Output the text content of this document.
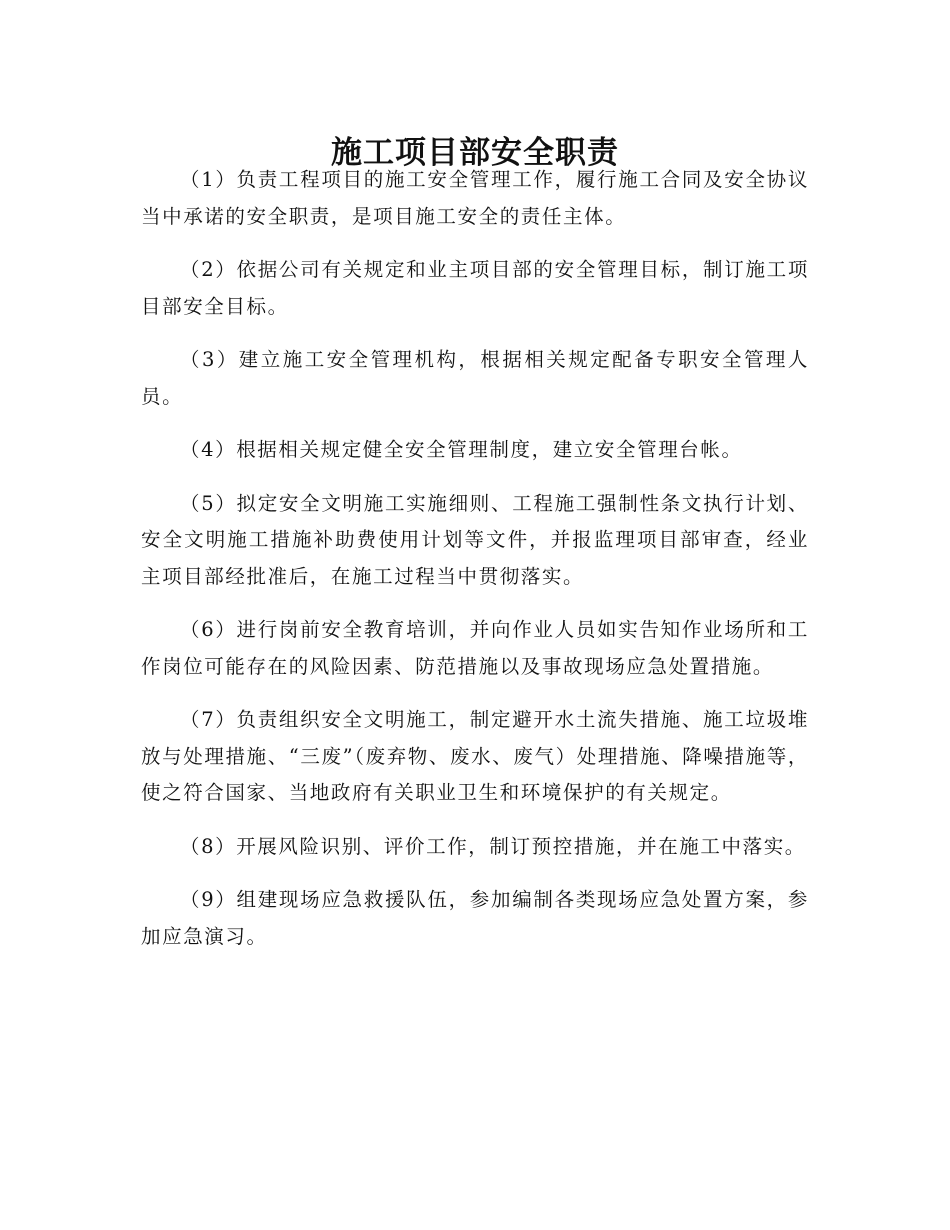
施工项目部安全职责

（1）负责工程项目的施工安全管理工作，履行施工合同及安全协议当中承诺的安全职责，是项目施工安全的责任主体。

（2）依据公司有关规定和业主项目部的安全管理目标，制订施工项目部安全目标。

（3）建立施工安全管理机构，根据相关规定配备专职安全管理人员。

（4）根据相关规定健全安全管理制度，建立安全管理台帐。

（5）拟定安全文明施工实施细则、工程施工强制性条文执行计划、安全文明施工措施补助费使用计划等文件，并报监理项目部审查，经业主项目部经批准后，在施工过程当中贯彻落实。

（6）进行岗前安全教育培训，并向作业人员如实告知作业场所和工作岗位可能存在的风险因素、防范措施以及事故现场应急处置措施。

（7）负责组织安全文明施工，制定避开水土流失措施、施工垃圾堆放与处理措施、“三废”（废弃物、废水、废气）处理措施、降噪措施等，使之符合国家、当地政府有关职业卫生和环境保护的有关规定。

（8）开展风险识别、评价工作，制订预控措施，并在施工中落实。

（9）组建现场应急救援队伍，参加编制各类现场应急处置方案，参加应急演习。
